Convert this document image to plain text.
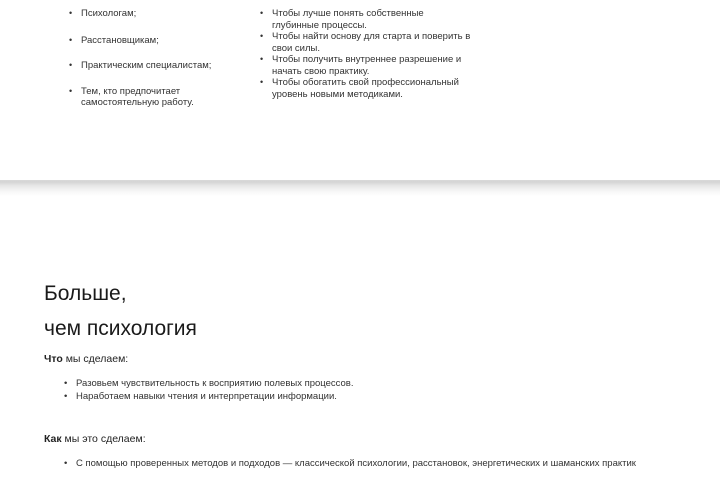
• Психологам;
• Расстановщикам;
• Практическим специалистам;
• Тем, кто предпочитает самостоятельную работу.
• Чтобы лучше понять собственные глубинные процессы.
• Чтобы найти основу для старта и поверить в свои силы.
• Чтобы получить внутреннее разрешение и начать свою практику.
• Чтобы обогатить свой профессиональный уровень новыми методиками.
Больше,
чем психология
Что мы сделаем:
• Разовьем чувствительность к восприятию полевых процессов.
• Наработаем навыки чтения и интерпретации информации.
Как мы это сделаем:
• С помощью проверенных методов и подходов — классической психологии, расстановок, энергетических и шаманских практик
